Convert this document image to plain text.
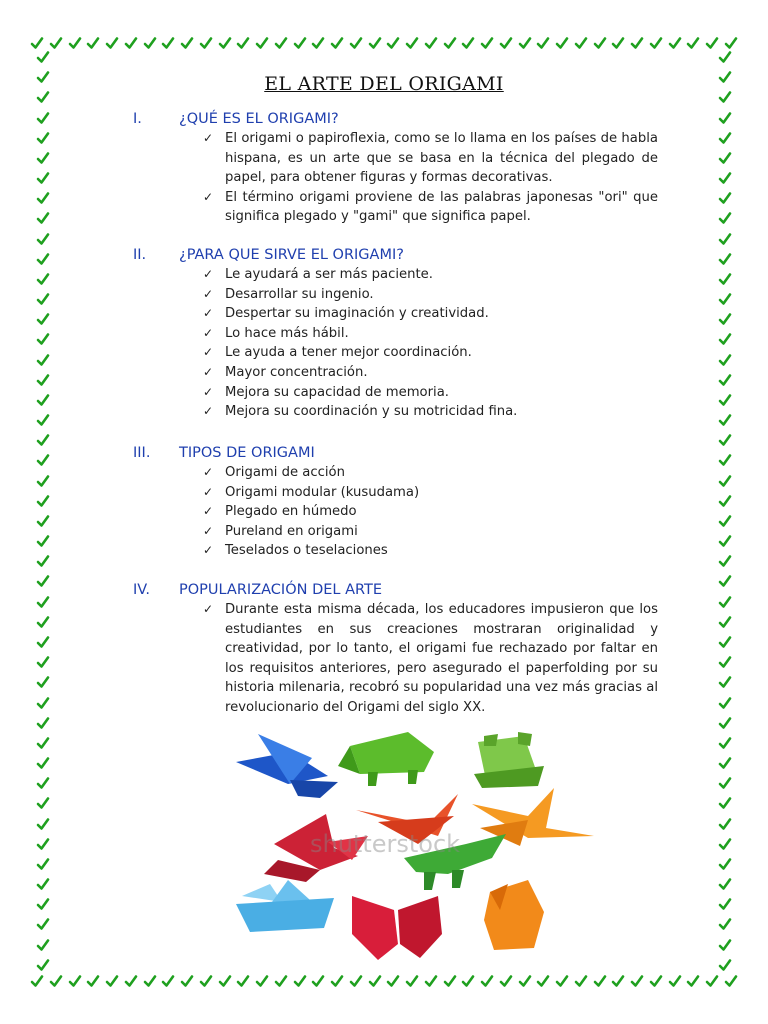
EL ARTE DEL ORIGAMI
I.	¿QUÉ ES EL ORIGAMI?
✓ El origami o papiroflexia, como se lo llama en los países de habla hispana, es un arte que se basa en la técnica del plegado de papel, para obtener figuras y formas decorativas.
✓ El término origami proviene de las palabras japonesas "ori" que significa plegado y "gami" que significa papel.
II.	¿PARA QUE SIRVE EL ORIGAMI?
✓ Le ayudará a ser más paciente.
✓ Desarrollar su ingenio.
✓ Despertar su imaginación y creatividad.
✓ Lo hace más hábil.
✓ Le ayuda a tener mejor coordinación.
✓ Mayor concentración.
✓ Mejora su capacidad de memoria.
✓ Mejora su coordinación y su motricidad fina.
III.	TIPOS DE ORIGAMI
✓ Origami de acción
✓ Origami modular (kusudama)
✓ Plegado en húmedo
✓ Pureland en origami
✓ Teselados o teselaciones
IV.	POPULARIZACIÓN DEL ARTE
✓ Durante esta misma década, los educadores impusieron que los estudiantes en sus creaciones mostraran originalidad y creatividad, por lo tanto, el origami fue rechazado por faltar en los requisitos anteriores, pero asegurado el paperfolding por su historia milenaria, recobró su popularidad una vez más gracias al revolucionario del Origami del siglo XX.
shutterstock
